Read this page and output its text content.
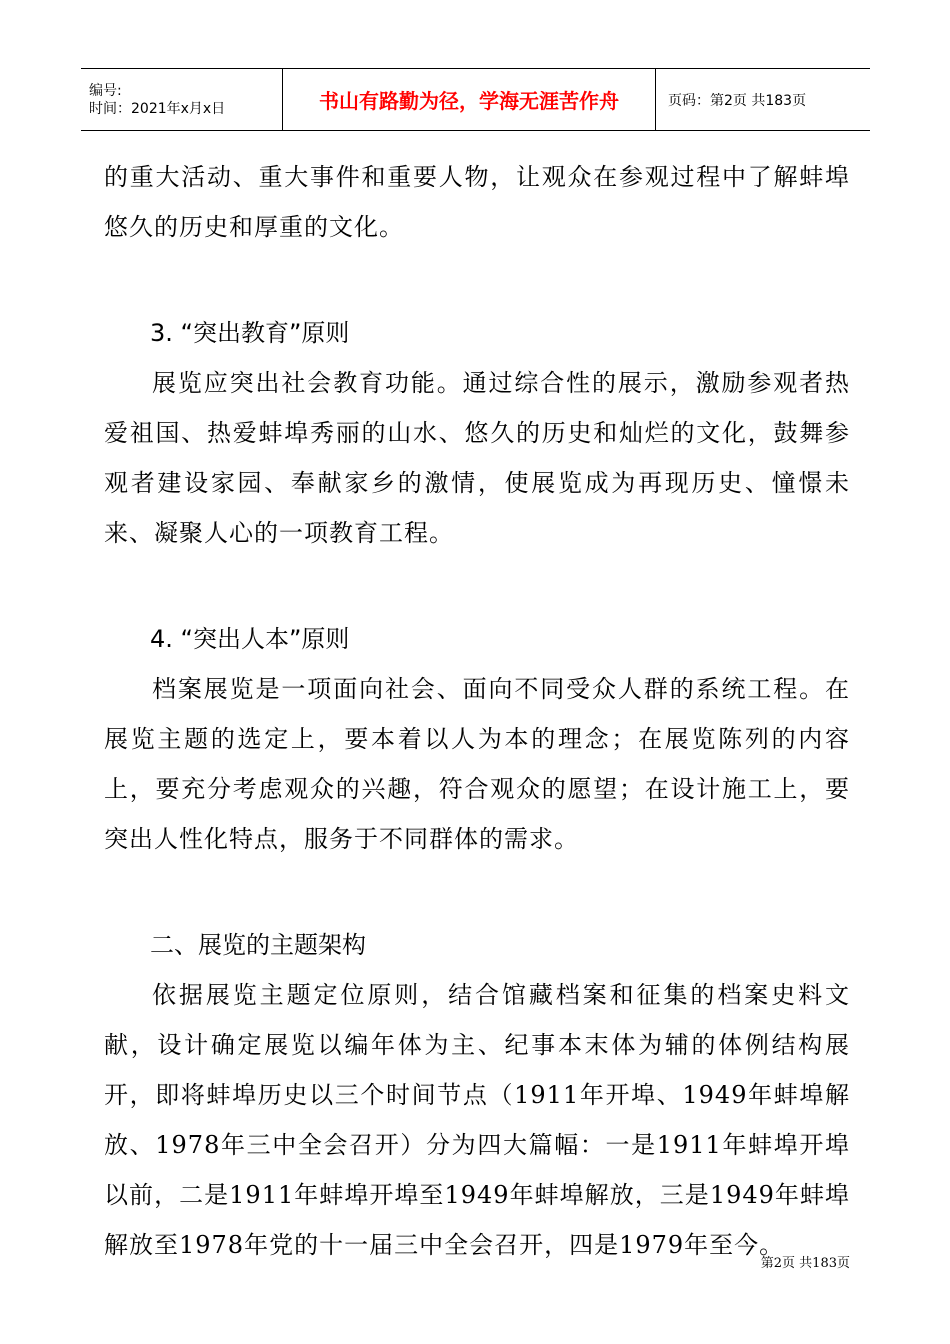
编号:
时间：2021年x月x日	书山有路勤为径，学海无涯苦作舟	页码：第2页 共183页

的重大活动、重大事件和重要人物，让观众在参观过程中了解蚌埠悠久的历史和厚重的文化。

3. “突出教育”原则

展览应突出社会教育功能。通过综合性的展示，激励参观者热爱祖国、热爱蚌埠秀丽的山水、悠久的历史和灿烂的文化，鼓舞参观者建设家园、奉献家乡的激情，使展览成为再现历史、憧憬未来、凝聚人心的一项教育工程。

4. “突出人本”原则

档案展览是一项面向社会、面向不同受众人群的系统工程。在展览主题的选定上，要本着以人为本的理念；在展览陈列的内容上，要充分考虑观众的兴趣，符合观众的愿望；在设计施工上，要突出人性化特点，服务于不同群体的需求。

二、展览的主题架构

依据展览主题定位原则，结合馆藏档案和征集的档案史料文献，设计确定展览以编年体为主、纪事本末体为辅的体例结构展开，即将蚌埠历史以三个时间节点（1911年开埠、1949年蚌埠解放、1978年三中全会召开）分为四大篇幅：一是1911年蚌埠开埠以前，二是1911年蚌埠开埠至1949年蚌埠解放，三是1949年蚌埠解放至1978年党的十一届三中全会召开，四是1979年至今。

第2页 共183页
